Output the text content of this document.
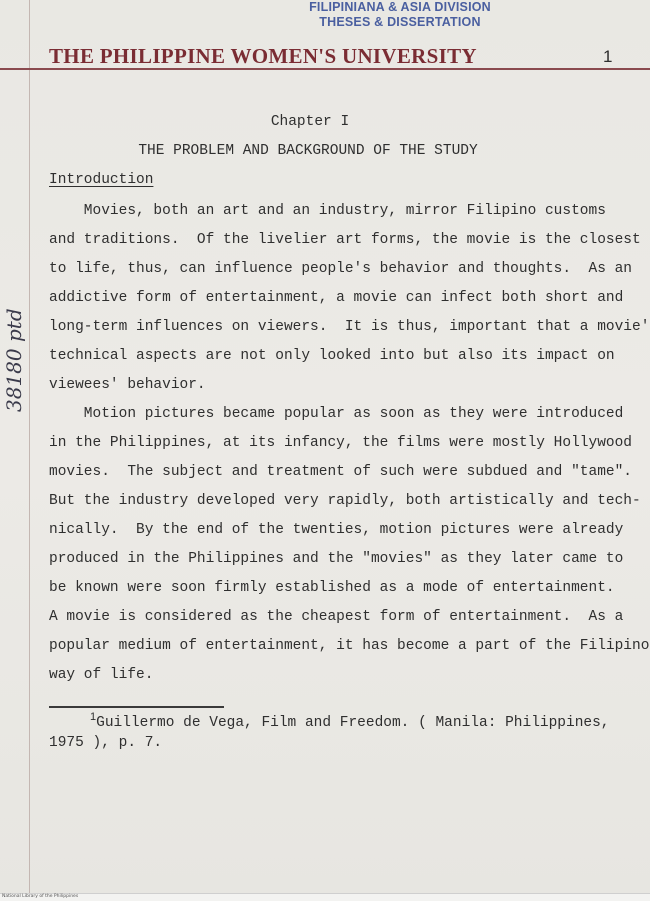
FILIPINIANA & ASIA DIVISION
THESES & DISSERTATION
THE PHILIPPINE WOMEN'S UNIVERSITY	1
Chapter I
THE PROBLEM AND BACKGROUND OF THE STUDY
Introduction
Movies, both an art and an industry, mirror Filipino customs
and traditions.  Of the livelier art forms, the movie is the closest
to life, thus, can influence people's behavior and thoughts.  As an
addictive form of entertainment, a movie can infect both short and
long-term influences on viewers.  It is thus, important that a movie'
technical aspects are not only looked into but also its impact on
viewees' behavior.
Motion pictures became popular as soon as they were introduced
in the Philippines, at its infancy, the films were mostly Hollywood
movies.  The subject and treatment of such were subdued and "tame".
But the industry developed very rapidly, both artistically and tech-
nically.  By the end of the twenties, motion pictures were already
produced in the Philippines and the "movies" as they later came to
be known were soon firmly established as a mode of entertainment.
A movie is considered as the cheapest form of entertainment.  As a
popular medium of entertainment, it has become a part of the Filipino
way of life.
$^1$Guillermo de Vega, Film and Freedom. ( Manila: Philippines,
1975 ), p. 7.
38180 ptd
National Library of the Philippines
